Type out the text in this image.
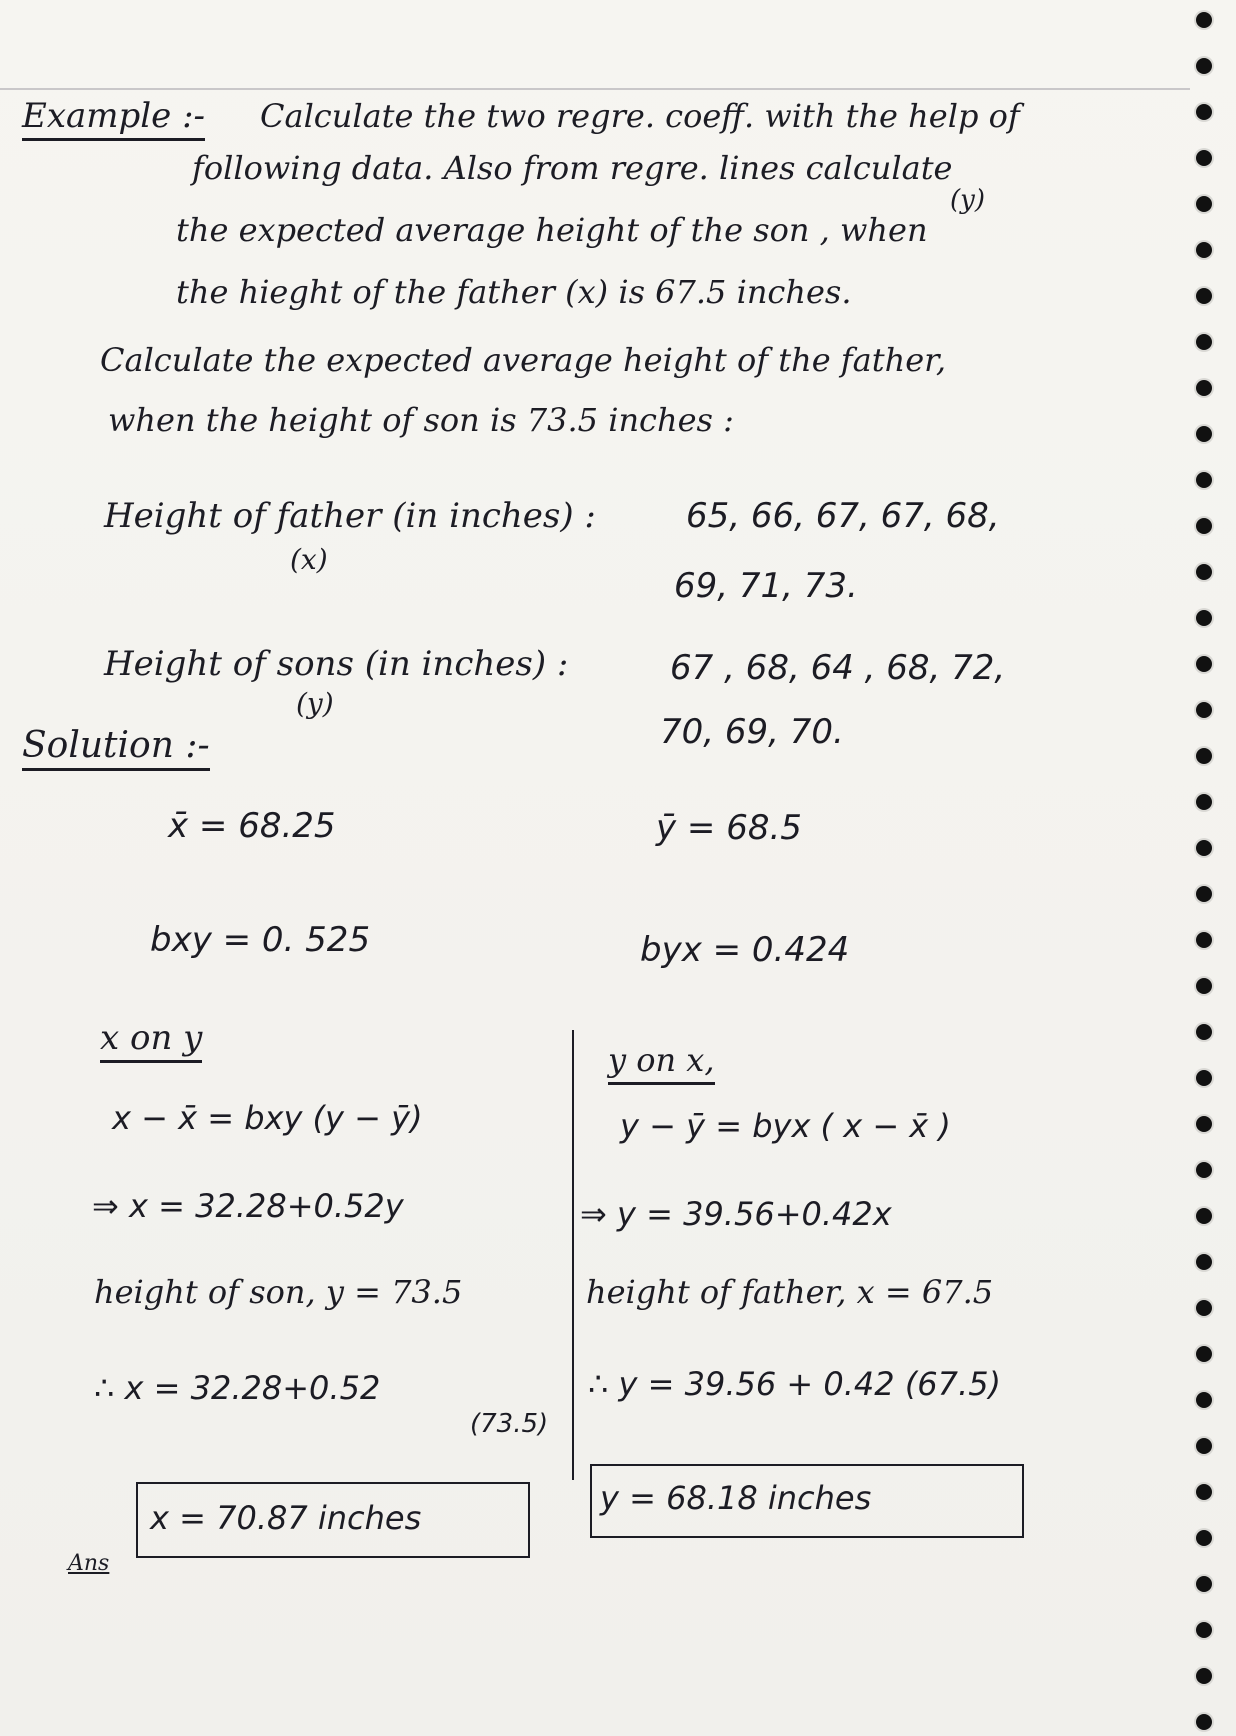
Example :- Calculate the two regre. coeff. with the help of
following data. Also from regre. lines calculate
(y)
the expected average height of the son , when
the hieght of the father (x) is 67.5 inches.
Calculate the expected average height of the father,
when the height of son is 73.5 inches :
Height of father (in inches) :
(x)
65, 66, 67, 67, 68,
69, 71, 73.
Height of sons (in inches) :
(y)
67 , 68, 64 , 68, 72,
70, 69, 70.
Solution :-
x̄ = 68.25	ȳ = 68.5
bxy = 0. 525	byx = 0.424
x on y
x − x̄ = bxy (y − ȳ)
⇒ x = 32.28+0.52y
height of son, y = 73.5
∴ x = 32.28+0.52
(73.5)
Ans
x = 70.87 inches
y on x,
y − ȳ = byx ( x − x̄ )
⇒ y = 39.56+0.42x
height of father, x = 67.5
∴ y = 39.56 + 0.42 (67.5)
y = 68.18 inches
